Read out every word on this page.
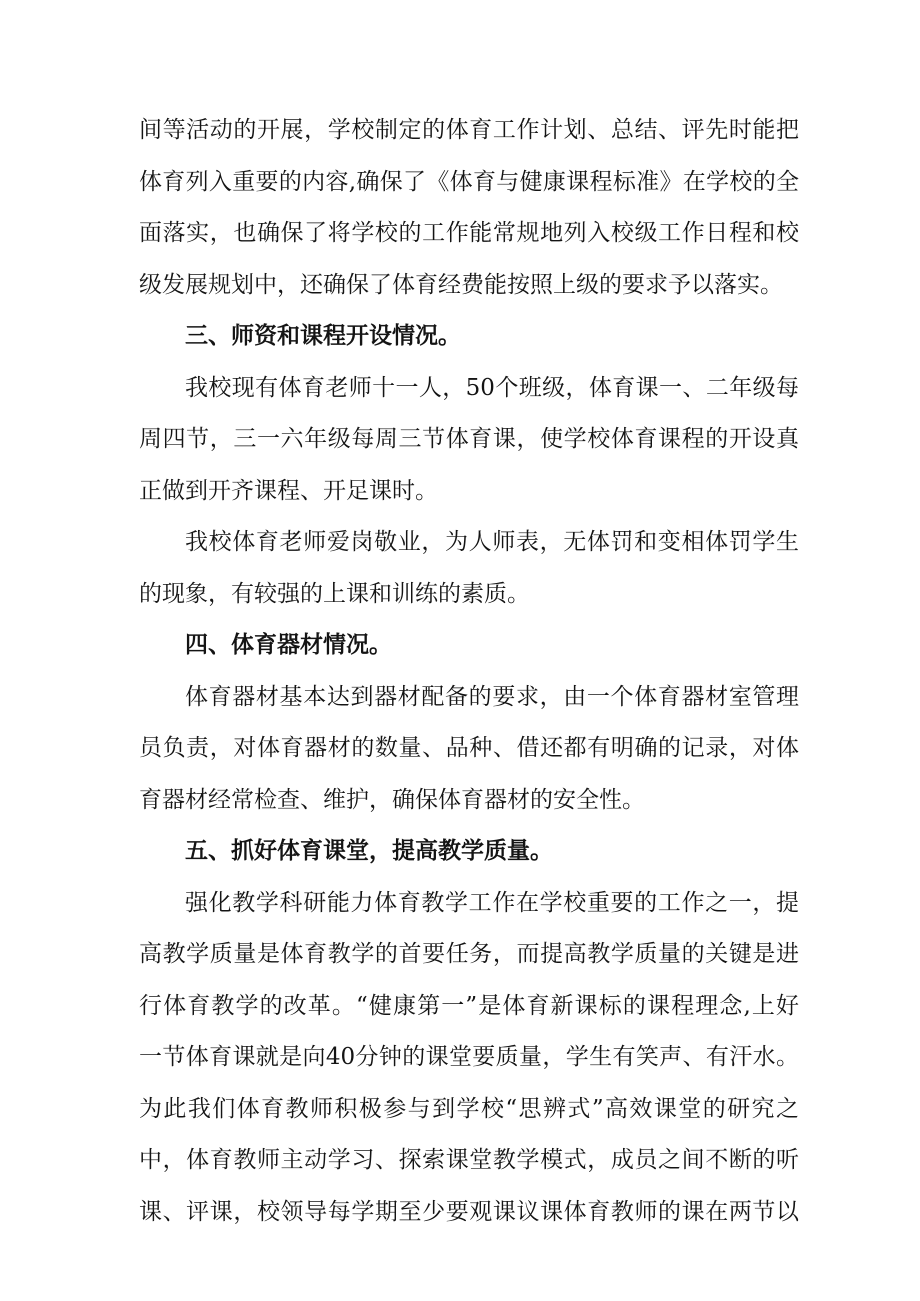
间等活动的开展，学校制定的体育工作计划、总结、评先时能把
体育列入重要的内容,确保了《体育与健康课程标准》在学校的全
面落实，也确保了将学校的工作能常规地列入校级工作日程和校
级发展规划中，还确保了体育经费能按照上级的要求予以落实。
三、师资和课程开设情况。
我校现有体育老师十一人，50个班级，体育课一、二年级每
周四节，三一六年级每周三节体育课，使学校体育课程的开设真
正做到开齐课程、开足课时。
我校体育老师爱岗敬业，为人师表，无体罚和变相体罚学生
的现象，有较强的上课和训练的素质。
四、体育器材情况。
体育器材基本达到器材配备的要求，由一个体育器材室管理
员负责，对体育器材的数量、品种、借还都有明确的记录，对体
育器材经常检查、维护，确保体育器材的安全性。
五、抓好体育课堂，提高教学质量。
强化教学科研能力体育教学工作在学校重要的工作之一，提
高教学质量是体育教学的首要任务，而提高教学质量的关键是进
行体育教学的改革。“健康第一”是体育新课标的课程理念,上好
一节体育课就是向40分钟的课堂要质量，学生有笑声、有汗水。
为此我们体育教师积极参与到学校“思辨式”高效课堂的研究之
中，体育教师主动学习、探索课堂教学模式，成员之间不断的听
课、评课，校领导每学期至少要观课议课体育教师的课在两节以
